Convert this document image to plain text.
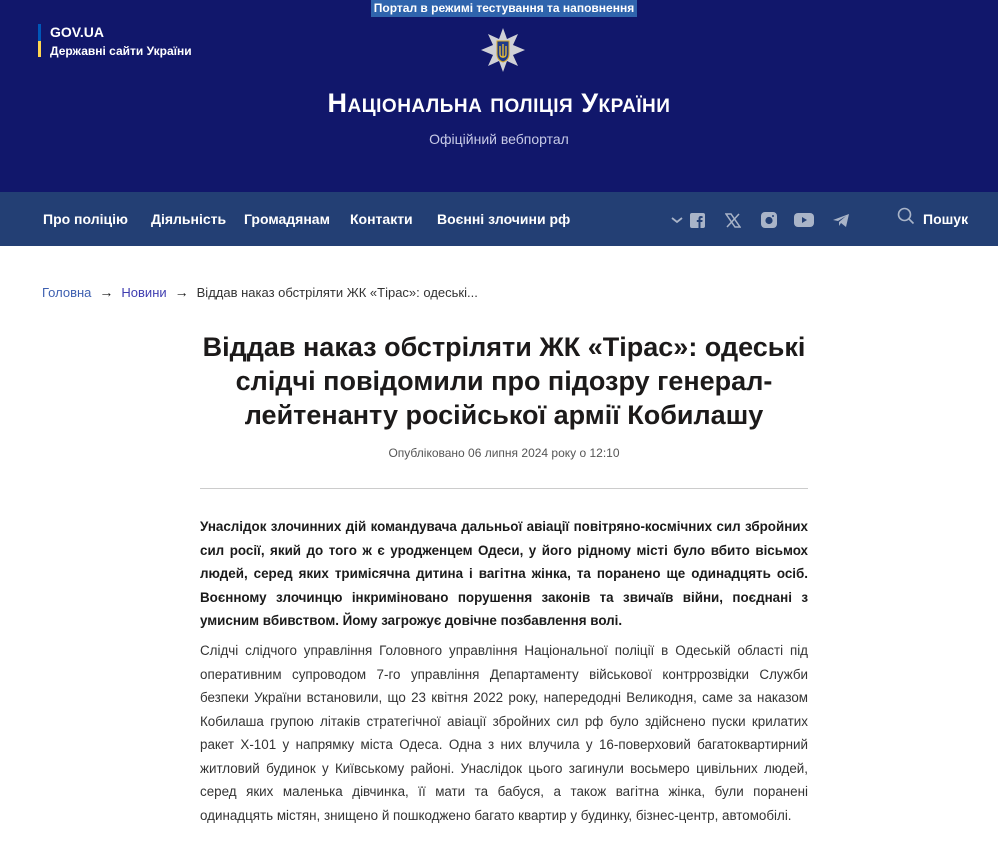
Портал в режимі тестування та наповнення
GOV.UA
Державні сайти України
Національна поліція України
Офіційний вебпортал
Про поліцію Діяльність Громадянам Контакти Воєнні злочини рф	Пошук
Головна → Новини → Віддав наказ обстріляти ЖК «Тірас»: одеські...
Віддав наказ обстріляти ЖК «Тірас»: одеські слідчі повідомили про підозру генерал-лейтенанту російської армії Кобилашу
Опубліковано 06 липня 2024 року о 12:10

Унаслідок злочинних дій командувача дальньої авіації повітряно-космічних сил збройних сил росії, який до того ж є уродженцем Одеси, у його рідному місті було вбито вісьмох людей, серед яких тримісячна дитина і вагітна жінка, та поранено ще одинадцять осіб. Воєнному злочинцю інкриміновано порушення законів та звичаїв війни, поєднані з умисним вбивством. Йому загрожує довічне позбавлення волі.

Слідчі слідчого управління Головного управління Національної поліції в Одеській області під оперативним супроводом 7-го управління Департаменту військової контррозвідки Служби безпеки України встановили, що 23 квітня 2022 року, напередодні Великодня, саме за наказом Кобилаша групою літаків стратегічної авіації збройних сил рф було здійснено пуски крилатих ракет Х-101 у напрямку міста Одеса. Одна з них влучила у 16-поверховий багатоквартирний житловий будинок у Київському районі. Унаслідок цього загинули восьмеро цивільних людей, серед яких маленька дівчинка, її мати та бабуся, а також вагітна жінка, були поранені одинадцять містян, знищено й пошкоджено багато квартир у будинку, бізнес-центр, автомобілі.
